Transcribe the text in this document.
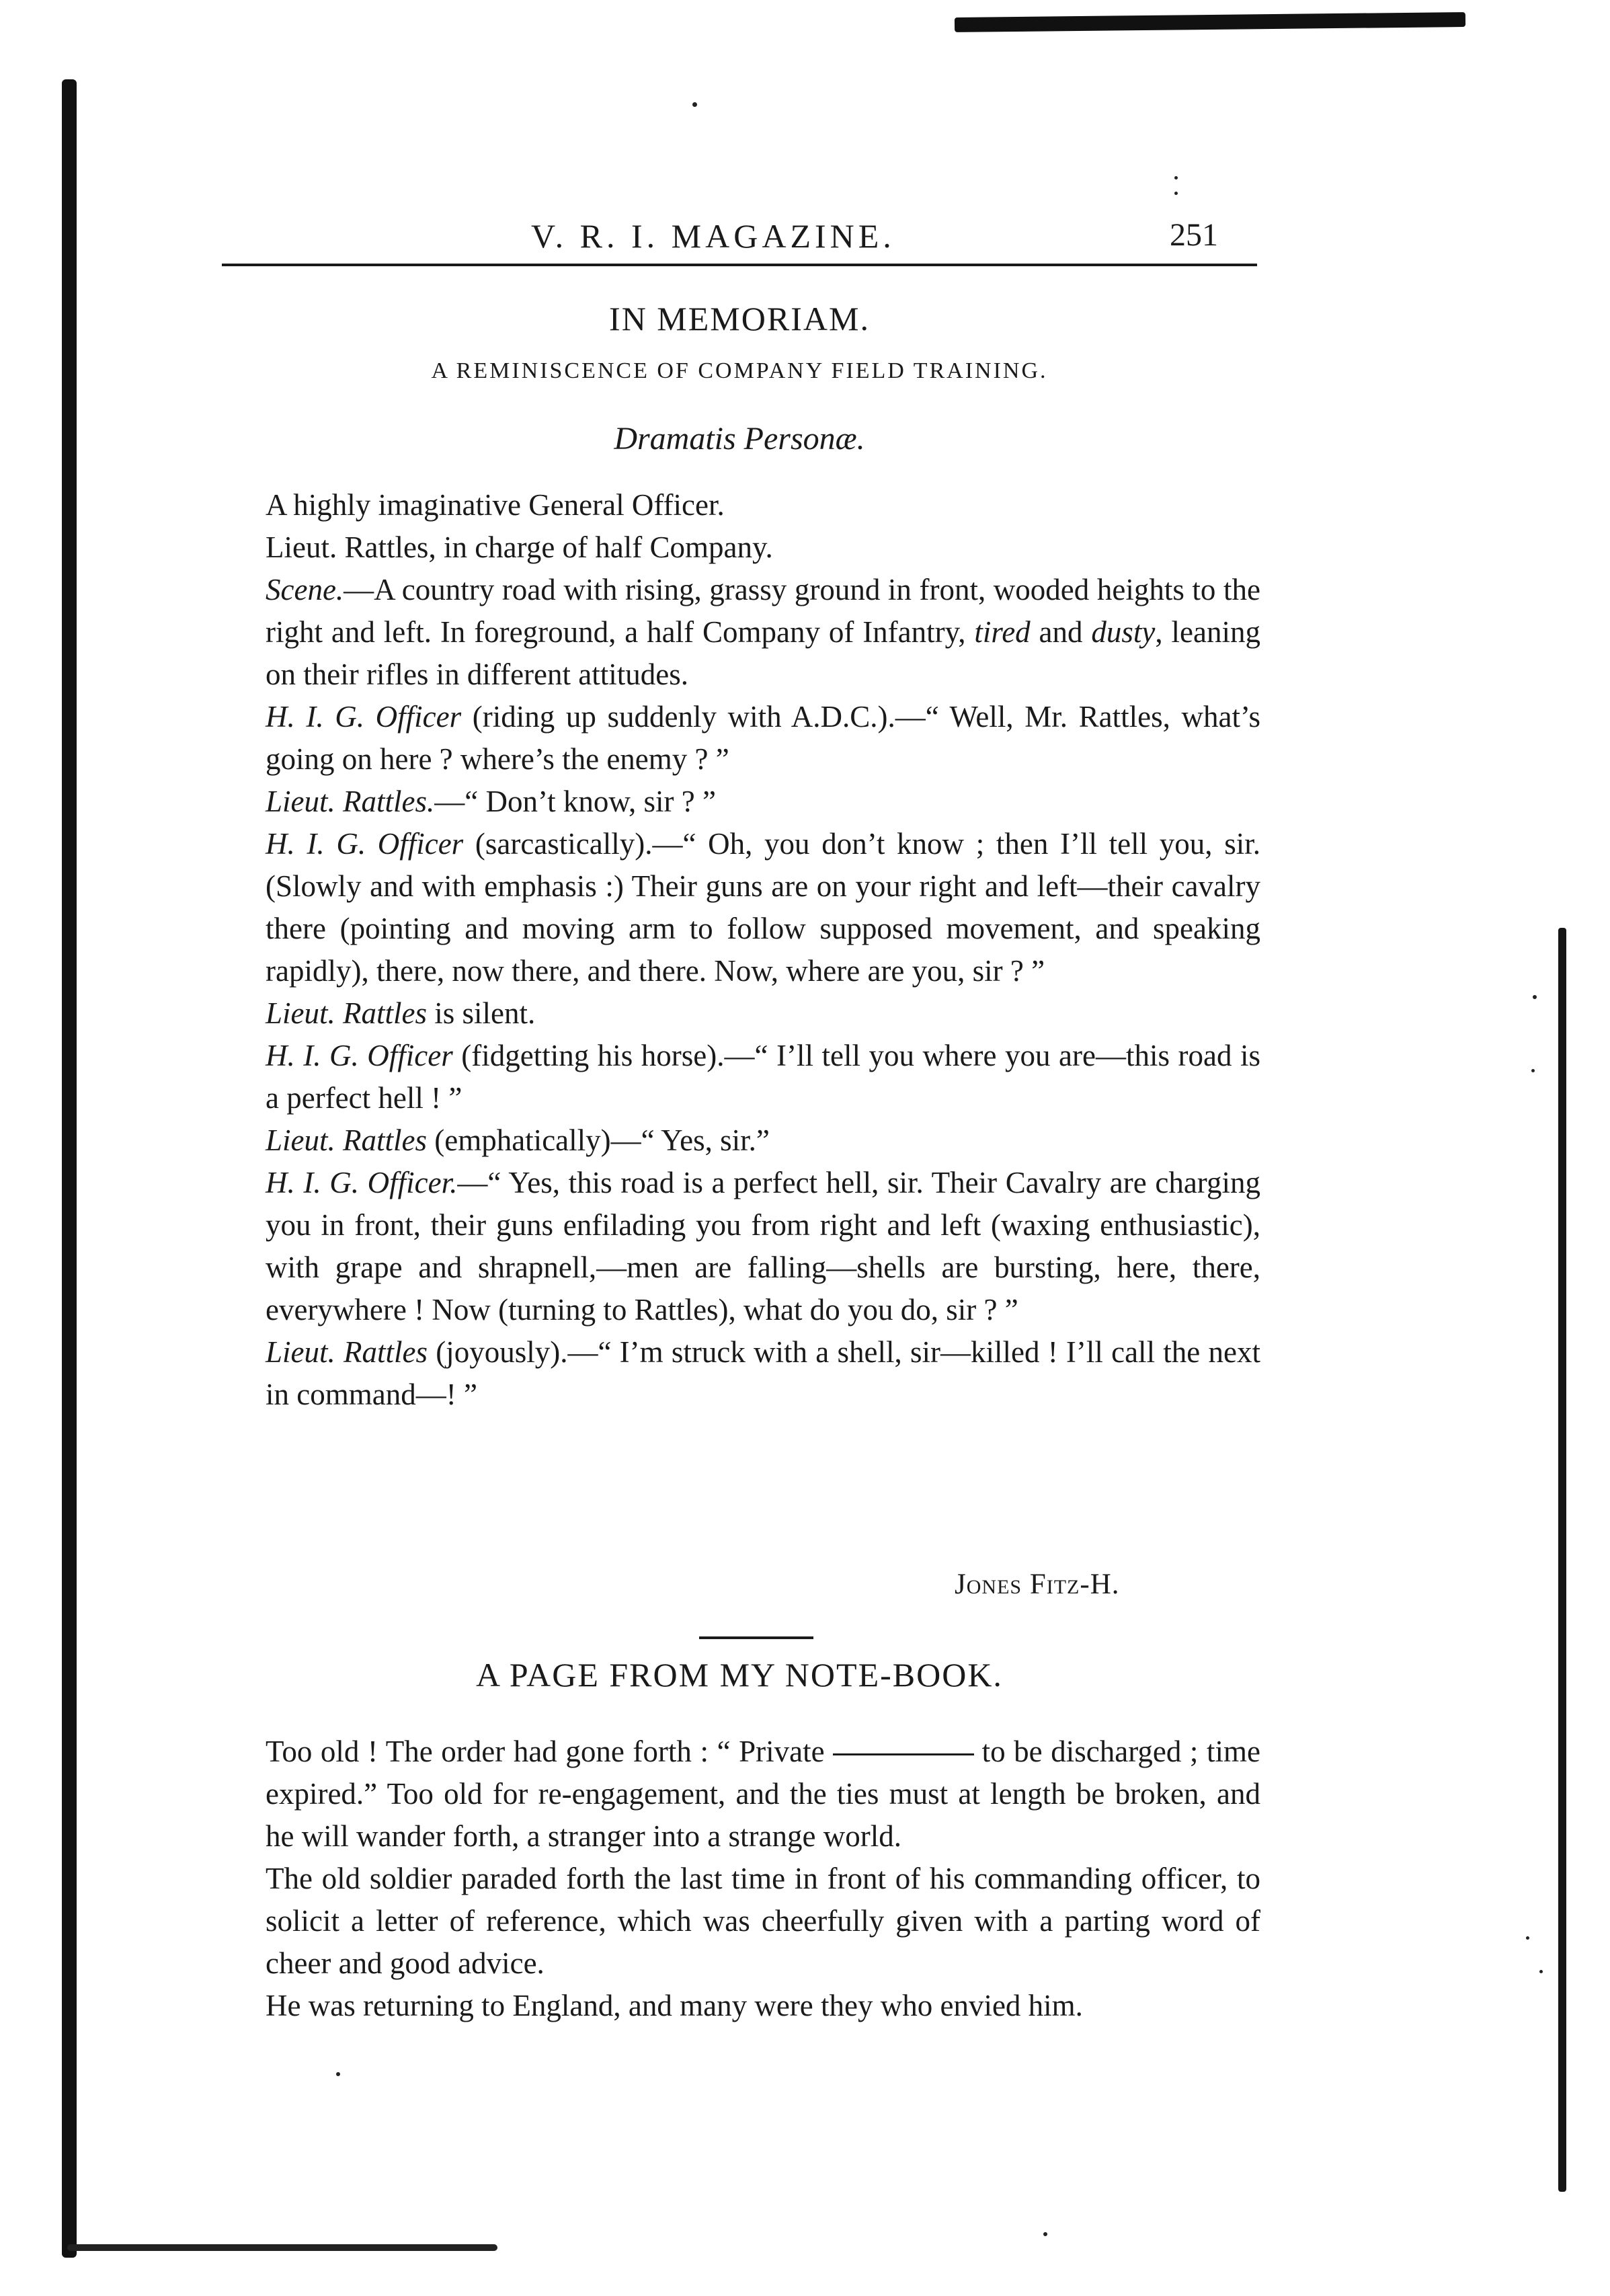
V. R. I. MAGAZINE.	251
IN MEMORIAM.
A REMINISCENCE OF COMPANY FIELD TRAINING.
Dramatis Personæ.

A highly imaginative General Officer.

Lieut. Rattles, in charge of half Company.

Scene.—A country road with rising, grassy ground in front, wooded heights to the right and left. In foreground, a half Company of Infantry, tired and dusty, leaning on their rifles in different attitudes.

H. I. G. Officer (riding up suddenly with A.D.C.).—“ Well, Mr. Rattles, what’s going on here ? where’s the enemy ? ”

Lieut. Rattles.—“ Don’t know, sir ? ”

H. I. G. Officer (sarcastically).—“ Oh, you don’t know ; then I’ll tell you, sir. (Slowly and with emphasis :) Their guns are on your right and left—their cavalry there (pointing and moving arm to follow supposed movement, and speaking rapidly), there, now there, and there. Now, where are you, sir ? ”

Lieut. Rattles is silent.

H. I. G. Officer (fidgetting his horse).—“ I’ll tell you where you are—this road is a perfect hell ! ”

Lieut. Rattles (emphatically)—“ Yes, sir.”

H. I. G. Officer.—“ Yes, this road is a perfect hell, sir. Their Cavalry are charging you in front, their guns enfilading you from right and left (waxing enthusiastic), with grape and shrapnell,—men are falling—shells are bursting, here, there, everywhere ! Now (turning to Rattles), what do you do, sir ? ”

Lieut. Rattles (joyously).—“ I’m struck with a shell, sir—killed ! I’ll call the next in command—! ”

Jones Fitz-H.
A PAGE FROM MY NOTE-BOOK.

Too old ! The order had gone forth : “ Private	to be discharged ; time expired.” Too old for re-engagement, and the ties must at length be broken, and he will wander forth, a stranger into a strange world.

The old soldier paraded forth the last time in front of his commanding officer, to solicit a letter of reference, which was cheerfully given with a parting word of cheer and good advice.

He was returning to England, and many were they who envied him.
